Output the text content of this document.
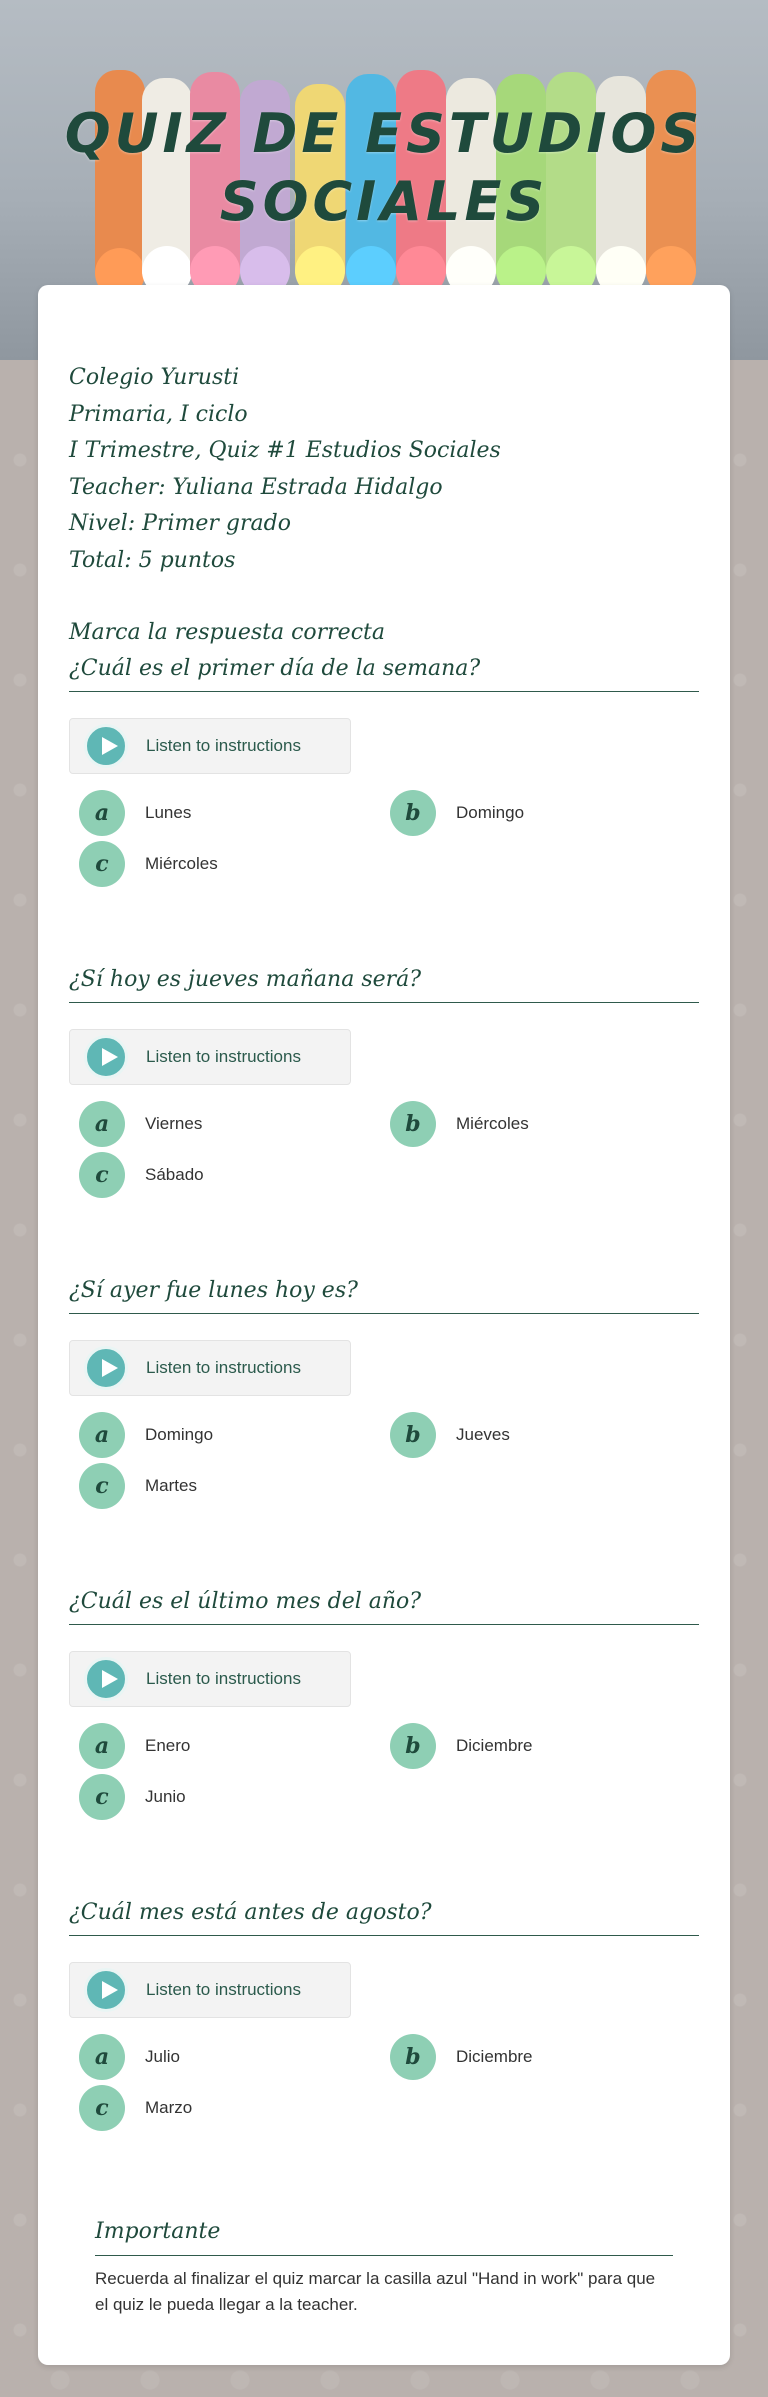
QUIZ DE ESTUDIOS SOCIALES
Colegio Yurusti
Primaria, I ciclo
I Trimestre, Quiz #1 Estudios Sociales
Teacher: Yuliana Estrada Hidalgo
Nivel: Primer grado
Total: 5 puntos
Marca la respuesta correcta
¿Cuál es el primer día de la semana?
Listen to instructions
a	Lunes	b	Domingo
c	Miércoles
¿Sí hoy es jueves mañana será?
Listen to instructions
a	Viernes	b	Miércoles
c	Sábado
¿Sí ayer fue lunes hoy es?
Listen to instructions
a	Domingo	b	Jueves
c	Martes
¿Cuál es el último mes del año?
Listen to instructions
a	Enero	b	Diciembre
c	Junio
¿Cuál mes está antes de agosto?
Listen to instructions
a	Julio	b	Diciembre
c	Marzo
Importante
Recuerda al finalizar el quiz marcar la casilla azul "Hand in work" para que el quiz le pueda llegar a la teacher.
